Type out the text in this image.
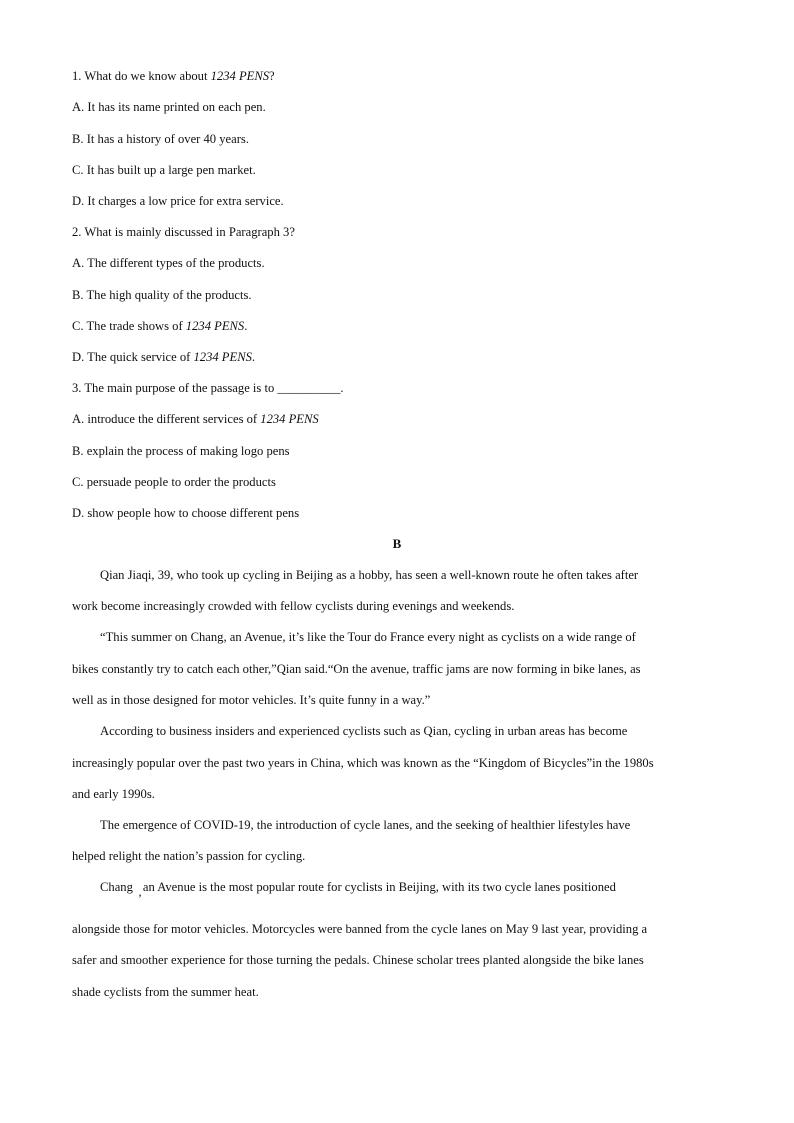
1. What do we know about 1234 PENS?
A. It has its name printed on each pen.
B. It has a history of over 40 years.
C. It has built up a large pen market.
D. It charges a low price for extra service.
2. What is mainly discussed in Paragraph 3?
A. The different types of the products.
B. The high quality of the products.
C. The trade shows of 1234 PENS.
D. The quick service of 1234 PENS.
3. The main purpose of the passage is to __________.
A. introduce the different services of 1234 PENS
B. explain the process of making logo pens
C. persuade people to order the products
D. show people how to choose different pens
B
Qian Jiaqi, 39, who took up cycling in Beijing as a hobby, has seen a well-known route he often takes after
work become increasingly crowded with fellow cyclists during evenings and weekends.
“This summer on Chang, an Avenue, it’s like the Tour do France every night as cyclists on a wide range of
bikes constantly try to catch each other,”Qian said.“On the avenue, traffic jams are now forming in bike lanes, as
well as in those designed for motor vehicles. It’s quite funny in a way.”
According to business insiders and experienced cyclists such as Qian, cycling in urban areas has become
increasingly popular over the past two years in China, which was known as the “Kingdom of Bicycles”in the 1980s
and early 1990s.
The emergence of COVID-19, the introduction of cycle lanes, and the seeking of healthier lifestyles have
helped relight the nation’s passion for cycling.
Chang an Avenue is the most popular route for cyclists in Beijing, with its two cycle lanes positioned
’
alongside those for motor vehicles. Motorcycles were banned from the cycle lanes on May 9 last year, providing a
safer and smoother experience for those turning the pedals. Chinese scholar trees planted alongside the bike lanes
shade cyclists from the summer heat.
